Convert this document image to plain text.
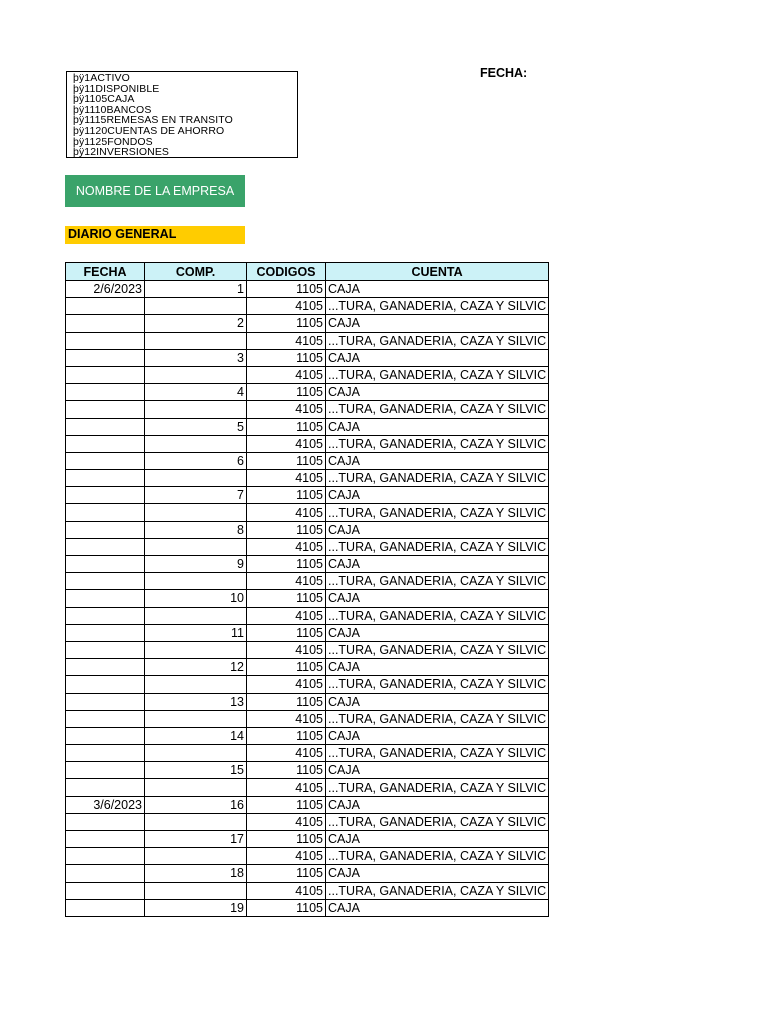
þÿ1ACTIVO
þÿ11DISPONIBLE
þÿ1105CAJA
þÿ1110BANCOS
þÿ1115REMESAS EN TRANSITO
þÿ1120CUENTAS DE AHORRO
þÿ1125FONDOS
þÿ12INVERSIONES
FECHA:
NOMBRE DE LA EMPRESA
DIARIO GENERAL
FECHA	COMP.	CODIGOS	CUENTA
2/6/2023	1	1105	CAJA
		4105	...TURA, GANADERIA, CAZA Y SILVIC
	2	1105	CAJA
		4105	...TURA, GANADERIA, CAZA Y SILVIC
	3	1105	CAJA
		4105	...TURA, GANADERIA, CAZA Y SILVIC
	4	1105	CAJA
		4105	...TURA, GANADERIA, CAZA Y SILVIC
	5	1105	CAJA
		4105	...TURA, GANADERIA, CAZA Y SILVIC
	6	1105	CAJA
		4105	...TURA, GANADERIA, CAZA Y SILVIC
	7	1105	CAJA
		4105	...TURA, GANADERIA, CAZA Y SILVIC
	8	1105	CAJA
		4105	...TURA, GANADERIA, CAZA Y SILVIC
	9	1105	CAJA
		4105	...TURA, GANADERIA, CAZA Y SILVIC
	10	1105	CAJA
		4105	...TURA, GANADERIA, CAZA Y SILVIC
	11	1105	CAJA
		4105	...TURA, GANADERIA, CAZA Y SILVIC
	12	1105	CAJA
		4105	...TURA, GANADERIA, CAZA Y SILVIC
	13	1105	CAJA
		4105	...TURA, GANADERIA, CAZA Y SILVIC
	14	1105	CAJA
		4105	...TURA, GANADERIA, CAZA Y SILVIC
	15	1105	CAJA
		4105	...TURA, GANADERIA, CAZA Y SILVIC
3/6/2023	16	1105	CAJA
		4105	...TURA, GANADERIA, CAZA Y SILVIC
	17	1105	CAJA
		4105	...TURA, GANADERIA, CAZA Y SILVIC
	18	1105	CAJA
		4105	...TURA, GANADERIA, CAZA Y SILVIC
	19	1105	CAJA
